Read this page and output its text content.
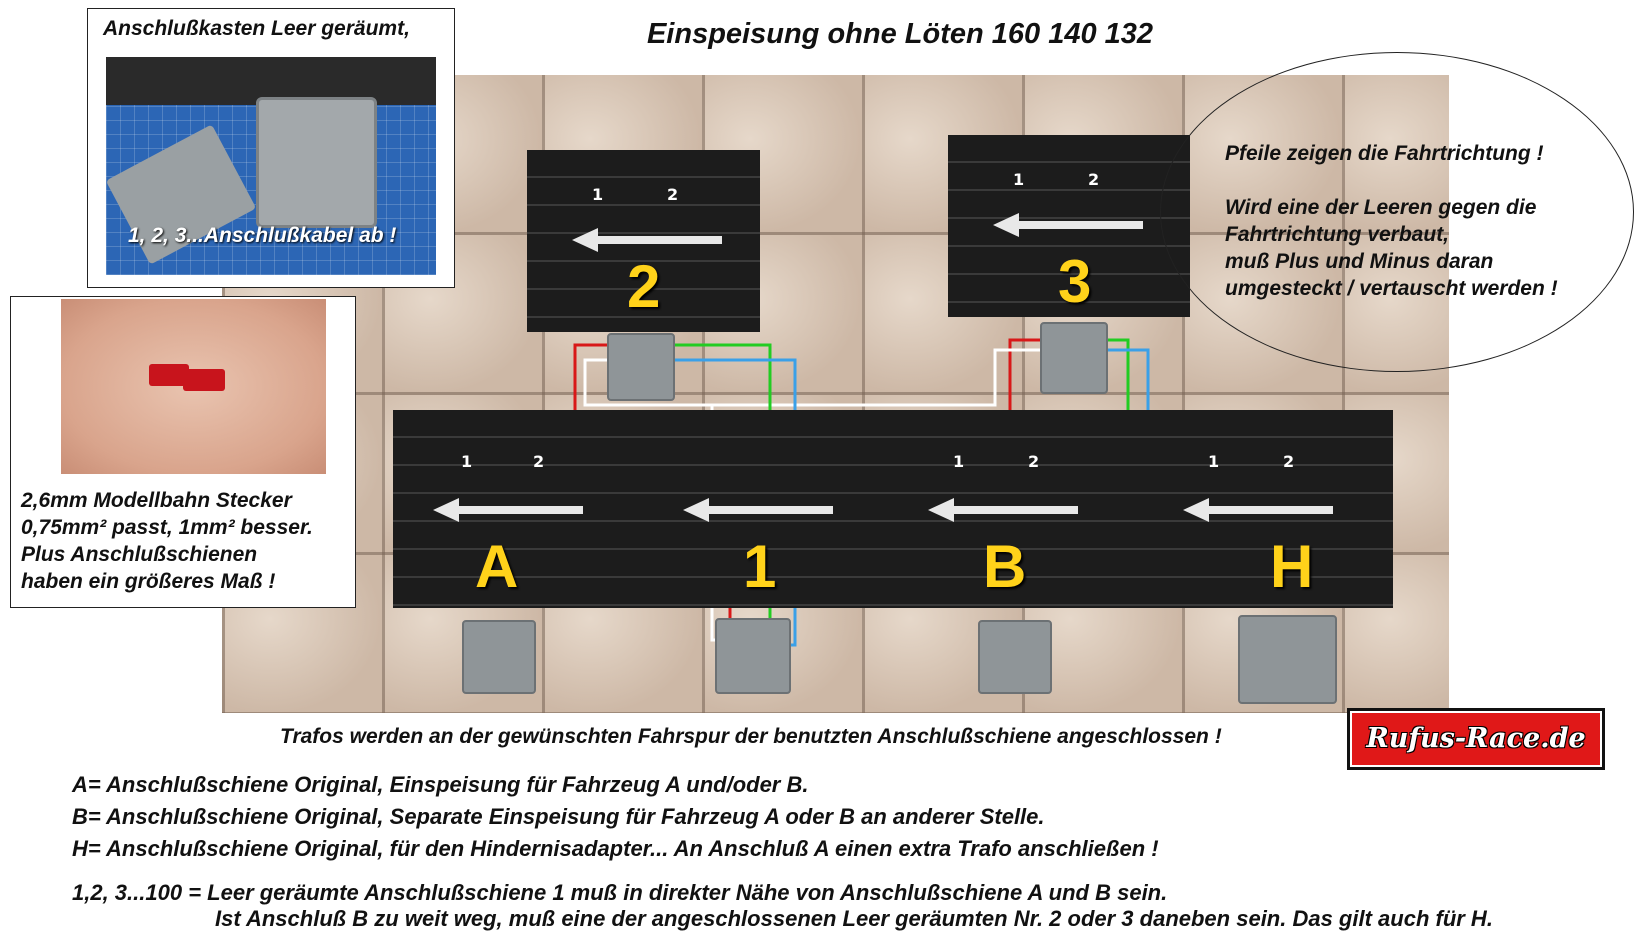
Einspeisung ohne Löten 160 140 132
1	2
2
1	2
3
1	2
A	1
1	2
B
1	2
H
Anschlußkasten Leer geräumt,
1, 2, 3...Anschlußkabel ab !
2,6mm Modellbahn Stecker
0,75mm² passt, 1mm² besser.
Plus Anschlußschienen
haben ein größeres Maß !
Pfeile zeigen die Fahrtrichtung !
Wird eine der Leeren gegen die
Fahrtrichtung verbaut,
muß Plus und Minus daran
umgesteckt / vertauscht werden !
Trafos werden an der gewünschten Fahrspur der benutzten Anschlußschiene angeschlossen !	Rufus-Race.de
A= Anschlußschiene Original, Einspeisung für Fahrzeug A und/oder B.
B= Anschlußschiene Original, Separate Einspeisung für Fahrzeug A oder B an anderer Stelle.
H= Anschlußschiene Original, für den Hindernisadapter... An Anschluß A einen extra Trafo anschließen !
1,2, 3...100 = Leer geräumte Anschlußschiene 1 muß in direkter Nähe von Anschlußschiene A und B sein.
Ist Anschluß B zu weit weg, muß eine der angeschlossenen Leer geräumten Nr. 2 oder 3 daneben sein. Das gilt auch für H.
